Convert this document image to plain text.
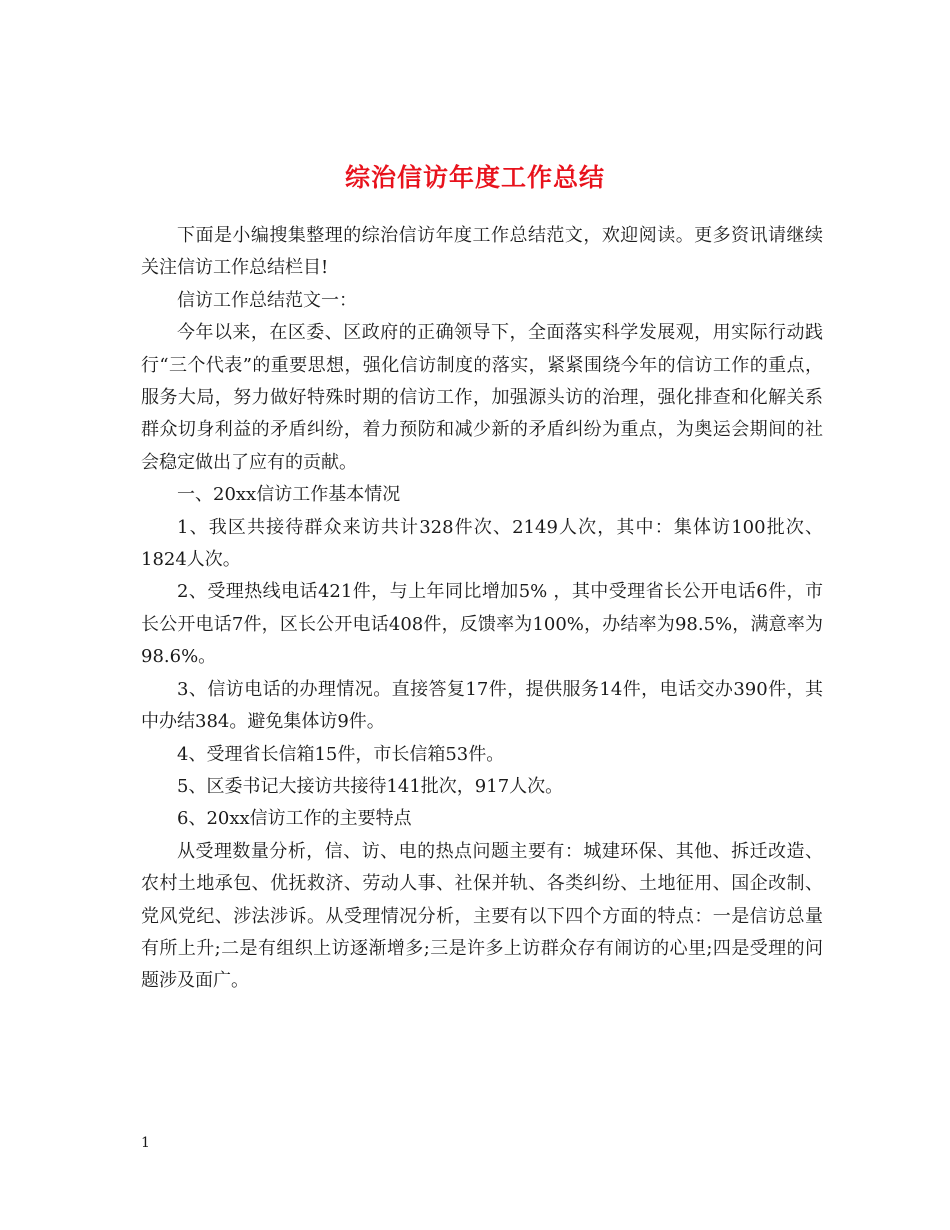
综治信访年度工作总结

下面是小编搜集整理的综治信访年度工作总结范文，欢迎阅读。更多资讯请继续关注信访工作总结栏目!

信访工作总结范文一：

今年以来，在区委、区政府的正确领导下，全面落实科学发展观，用实际行动践行“三个代表”的重要思想，强化信访制度的落实，紧紧围绕今年的信访工作的重点，服务大局，努力做好特殊时期的信访工作，加强源头访的治理，强化排查和化解关系群众切身利益的矛盾纠纷，着力预防和减少新的矛盾纠纷为重点，为奥运会期间的社会稳定做出了应有的贡献。

一、20xx信访工作基本情况

1、我区共接待群众来访共计328件次、2149人次，其中：集体访100批次、1824人次。

2、受理热线电话421件，与上年同比增加5% ，其中受理省长公开电话6件，市长公开电话7件，区长公开电话408件，反馈率为100%，办结率为98.5%，满意率为98.6%。

3、信访电话的办理情况。直接答复17件，提供服务14件，电话交办390件，其中办结384。避免集体访9件。

4、受理省长信箱15件，市长信箱53件。

5、区委书记大接访共接待141批次，917人次。

6、20xx信访工作的主要特点

从受理数量分析，信、访、电的热点问题主要有：城建环保、其他、拆迁改造、农村土地承包、优抚救济、劳动人事、社保并轨、各类纠纷、土地征用、国企改制、党风党纪、涉法涉诉。从受理情况分析，主要有以下四个方面的特点：一是信访总量有所上升;二是有组织上访逐渐增多;三是许多上访群众存有闹访的心里;四是受理的问题涉及面广。

1
